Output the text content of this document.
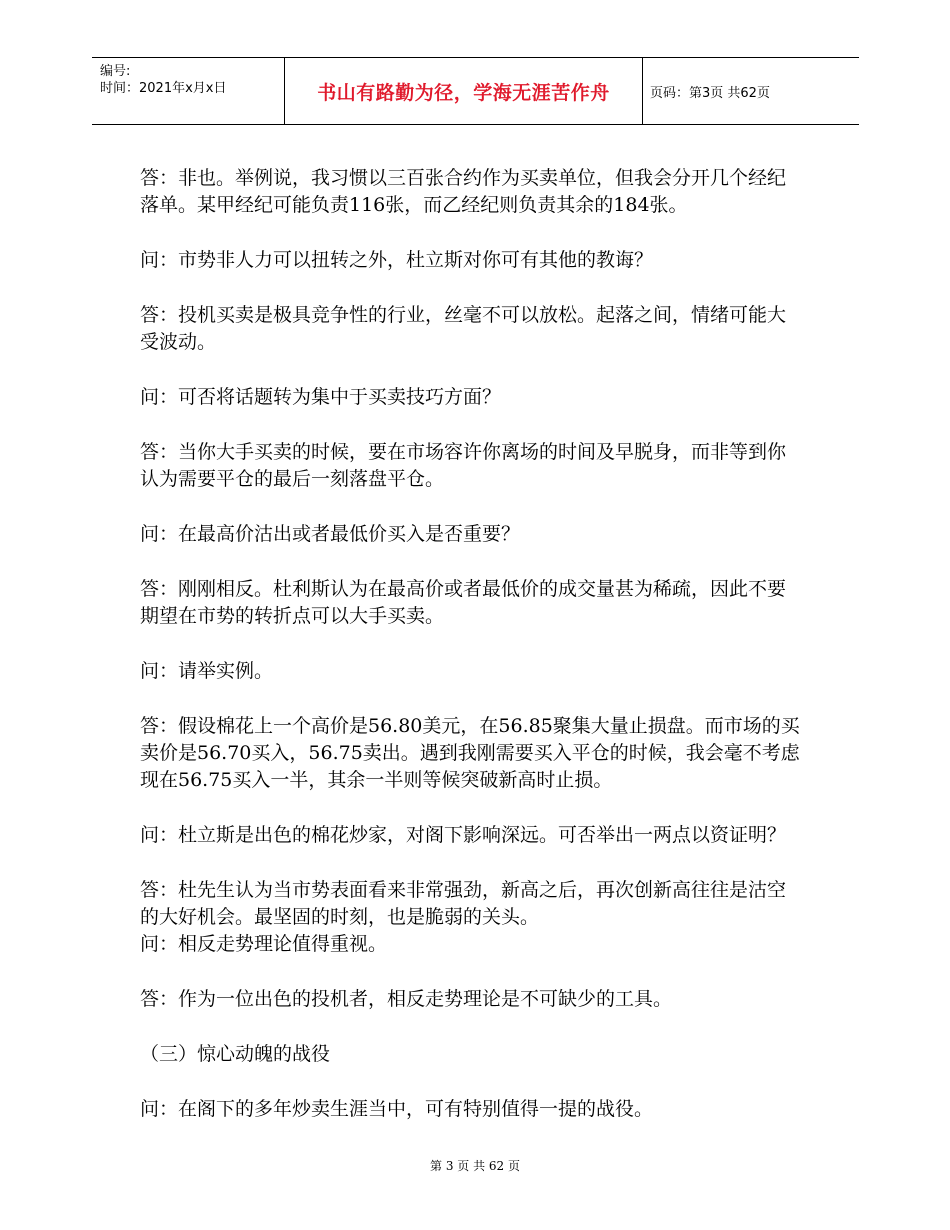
编号:
时间：2021年x月x日	书山有路勤为径，学海无涯苦作舟	页码：第3页 共62页

答：非也。举例说，我习惯以三百张合约作为买卖单位，但我会分开几个经纪落单。某甲经纪可能负责116张，而乙经纪则负责其余的184张。

问：市势非人力可以扭转之外，杜立斯对你可有其他的教诲？

答：投机买卖是极具竞争性的行业，丝毫不可以放松。起落之间，情绪可能大受波动。

问：可否将话题转为集中于买卖技巧方面？

答：当你大手买卖的时候，要在市场容许你离场的时间及早脱身，而非等到你认为需要平仓的最后一刻落盘平仓。

问：在最高价沽出或者最低价买入是否重要？

答：刚刚相反。杜利斯认为在最高价或者最低价的成交量甚为稀疏，因此不要期望在市势的转折点可以大手买卖。

问：请举实例。

答：假设棉花上一个高价是56.80美元，在56.85聚集大量止损盘。而市场的买卖价是56.70买入，56.75卖出。遇到我刚需要买入平仓的时候，我会毫不考虑现在56.75买入一半，其余一半则等候突破新高时止损。

问：杜立斯是出色的棉花炒家，对阁下影响深远。可否举出一两点以资证明？

答：杜先生认为当市势表面看来非常强劲，新高之后，再次创新高往往是沽空的大好机会。最坚固的时刻，也是脆弱的关头。

问：相反走势理论值得重视。

答：作为一位出色的投机者，相反走势理论是不可缺少的工具。

（三）惊心动魄的战役

问：在阁下的多年炒卖生涯当中，可有特别值得一提的战役。

第 3 页 共 62 页
